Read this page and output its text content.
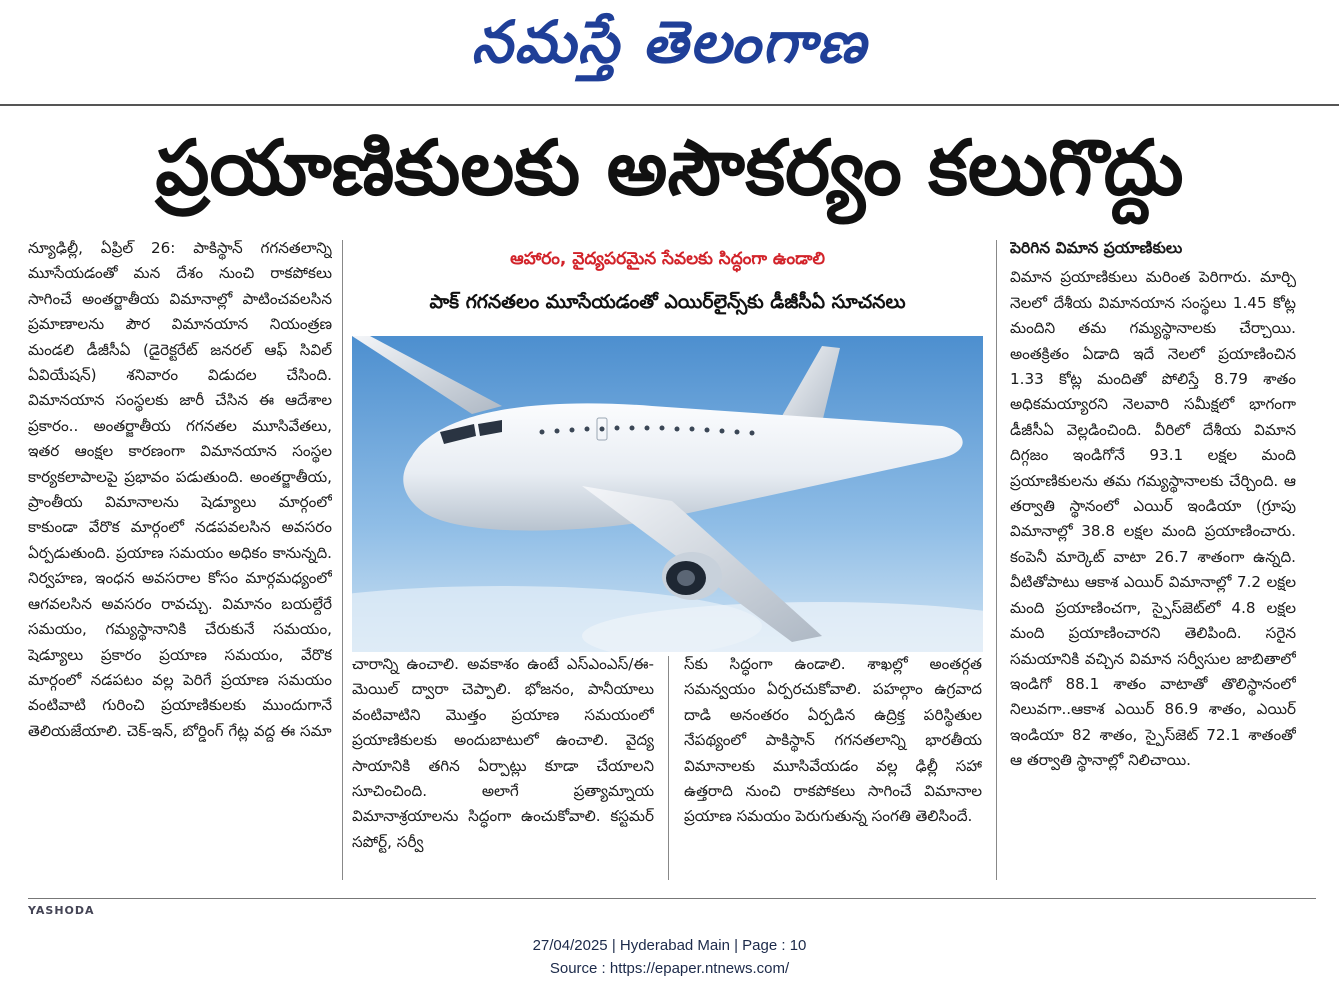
నమస్తే తెలంగాణ
ప్రయాణికులకు అసౌకర్యం కలుగొద్దు

న్యూఢిల్లీ, ఏప్రిల్ 26: పాకిస్థాన్ గగనతలాన్ని మూసేయడంతో మన దేశం నుంచి రాకపోకలు సాగించే అంతర్జాతీయ విమానాల్లో పాటించవలసిన ప్రమాణాలను పౌర విమానయాన నియంత్రణ మండలి డీజీసీఏ (డైరెక్టరేట్ జనరల్ ఆఫ్ సివిల్ ఏవియేషన్) శనివారం విడుదల చేసింది. విమానయాన సంస్థలకు జారీ చేసిన ఈ ఆదేశాల ప్రకారం.. అంతర్జాతీయ గగనతల మూసివేతలు, ఇతర ఆంక్షల కారణంగా విమానయాన సంస్థల కార్యకలాపాలపై ప్రభావం పడుతుంది. అంతర్జాతీయ, ప్రాంతీయ విమానాలను షెడ్యూలు మార్గంలో కాకుండా వేరొక మార్గంలో నడపవలసిన అవసరం ఏర్పడుతుంది. ప్రయాణ సమయం అధికం కానున్నది. నిర్వహణ, ఇంధన అవసరాల కోసం మార్గమధ్యంలో ఆగవలసిన అవసరం రావచ్చు. విమానం బయల్దేరే సమయం, గమ్యస్థానానికి చేరుకునే సమయం, షెడ్యూలు ప్రకారం ప్రయాణ సమయం, వేరొక మార్గంలో నడపటం వల్ల పెరిగే ప్రయాణ సమయం వంటివాటి గురించి ప్రయాణికులకు ముందుగానే తెలియజేయాలి. చెక్-ఇన్, బోర్డింగ్ గేట్ల వద్ద ఈ సమా

ఆహారం, వైద్యపరమైన సేవలకు సిద్ధంగా ఉండాలి
పాక్ గగనతలం మూసేయడంతో ఎయిర్‌లైన్స్‌కు డీజీసీఏ సూచనలు

చారాన్ని ఉంచాలి. అవకాశం ఉంటే ఎస్ఎంఎస్/ఈ-మెయిల్ ద్వారా చెప్పాలి. భోజనం, పానీయాలు వంటివాటిని మొత్తం ప్రయాణ సమయంలో ప్రయాణికులకు అందుబాటులో ఉంచాలి. వైద్య సాయానికి తగిన ఏర్పాట్లు కూడా చేయాలని సూచించింది. అలాగే ప్రత్యామ్నాయ విమానాశ్రయాలను సిద్ధంగా ఉంచుకోవాలి. కస్టమర్ సపోర్ట్, సర్వీ

స్‌కు సిద్ధంగా ఉండాలి. శాఖల్లో అంతర్గత సమన్వయం ఏర్పరచుకోవాలి. పహల్గాం ఉగ్రవాద దాడి అనంతరం ఏర్పడిన ఉద్రిక్త పరిస్థితుల నేపథ్యంలో పాకిస్థాన్ గగనతలాన్ని భారతీయ విమానాలకు మూసివేయడం వల్ల ఢిల్లీ సహా ఉత్తరాది నుంచి రాకపోకలు సాగించే విమానాల ప్రయాణ సమయం పెరుగుతున్న సంగతి తెలిసిందే.

పెరిగిన విమాన ప్రయాణికులు

విమాన ప్రయాణికులు మరింత పెరిగారు. మార్చి నెలలో దేశీయ విమానయాన సంస్థలు 1.45 కోట్ల మందిని తమ గమ్యస్థానాలకు చేర్చాయి. అంతక్రితం ఏడాది ఇదే నెలలో ప్రయాణించిన 1.33 కోట్ల మందితో పోలిస్తే 8.79 శాతం అధికమయ్యారని నెలవారి సమీక్షలో భాగంగా డీజీసీఏ వెల్లడించింది. వీరిలో దేశీయ విమాన దిగ్గజం ఇండిగోనే 93.1 లక్షల మంది ప్రయాణికులను తమ గమ్యస్థానాలకు చేర్చింది. ఆ తర్వాతి స్థానంలో ఎయిర్ ఇండియా (గ్రూపు విమానాల్లో 38.8 లక్షల మంది ప్రయాణించారు. కంపెనీ మార్కెట్ వాటా 26.7 శాతంగా ఉన్నది. వీటితోపాటు ఆకాశ ఎయిర్ విమానాల్లో 7.2 లక్షల మంది ప్రయాణించగా, స్పైస్‌జెట్‌లో 4.8 లక్షల మంది ప్రయాణించారని తెలిపింది. సరైన సమయానికి వచ్చిన విమాన సర్వీసుల జాబితాలో ఇండిగో 88.1 శాతం వాటాతో తొలిస్థానంలో నిలువగా..ఆకాశ ఎయిర్ 86.9 శాతం, ఎయిర్ ఇండియా 82 శాతం, స్పైస్‌జెట్ 72.1 శాతంతో ఆ తర్వాతి స్థానాల్లో నిలిచాయి.

YASHODA
27/04/2025 | Hyderabad Main | Page : 10
Source : https://epaper.ntnews.com/
